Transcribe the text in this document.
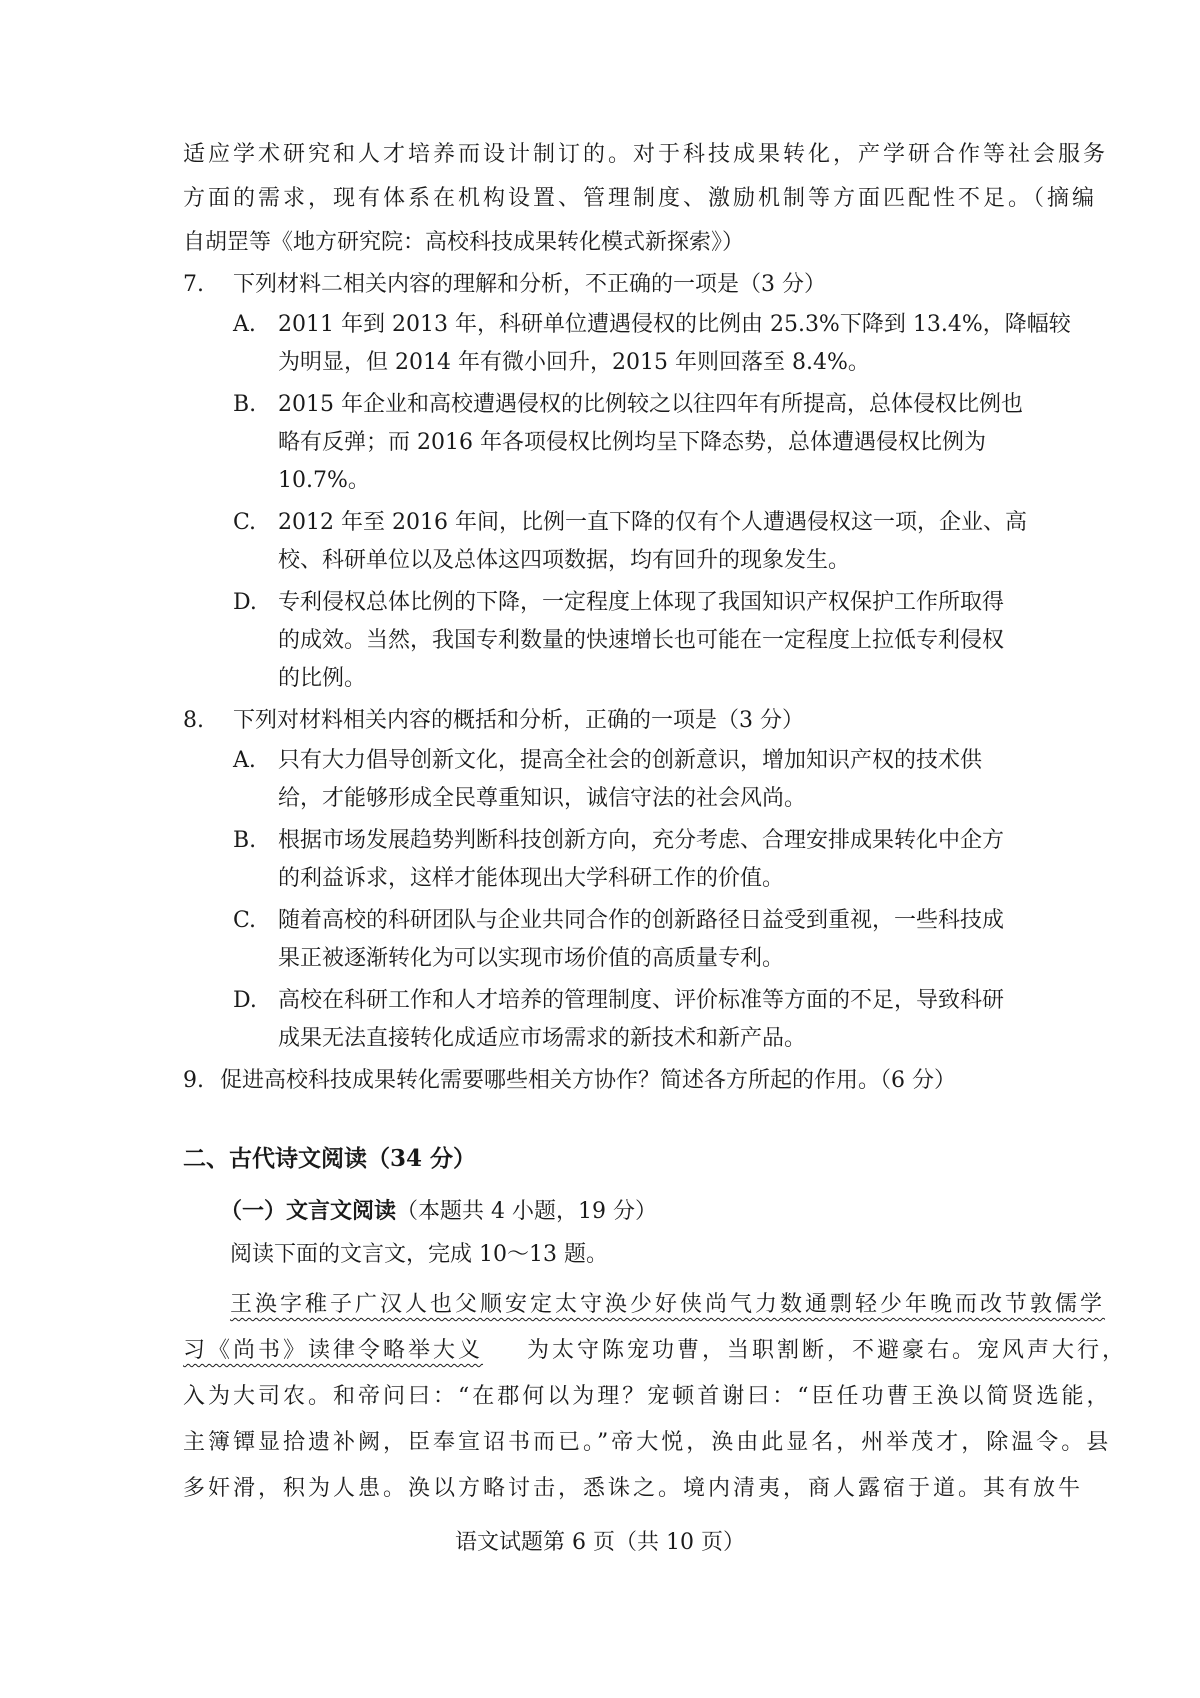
适应学术研究和人才培养而设计制订的。对于科技成果转化，产学研合作等社会服务
方面的需求，现有体系在机构设置、管理制度、激励机制等方面匹配性不足。（摘编
自胡罡等《地方研究院：高校科技成果转化模式新探索》）
7. 下列材料二相关内容的理解和分析，不正确的一项是（3 分）
A. 2011 年到 2013 年，科研单位遭遇侵权的比例由 25.3%下降到 13.4%，降幅较
为明显，但 2014 年有微小回升，2015 年则回落至 8.4%。
B. 2015 年企业和高校遭遇侵权的比例较之以往四年有所提高，总体侵权比例也
略有反弹；而 2016 年各项侵权比例均呈下降态势，总体遭遇侵权比例为
10.7%。
C. 2012 年至 2016 年间，比例一直下降的仅有个人遭遇侵权这一项，企业、高
校、科研单位以及总体这四项数据，均有回升的现象发生。
D. 专利侵权总体比例的下降，一定程度上体现了我国知识产权保护工作所取得
的成效。当然，我国专利数量的快速增长也可能在一定程度上拉低专利侵权
的比例。
8. 下列对材料相关内容的概括和分析，正确的一项是（3 分）
A. 只有大力倡导创新文化，提高全社会的创新意识，增加知识产权的技术供
给，才能够形成全民尊重知识，诚信守法的社会风尚。
B. 根据市场发展趋势判断科技创新方向，充分考虑、合理安排成果转化中企方
的利益诉求，这样才能体现出大学科研工作的价值。
C. 随着高校的科研团队与企业共同合作的创新路径日益受到重视，一些科技成
果正被逐渐转化为可以实现市场价值的高质量专利。
D. 高校在科研工作和人才培养的管理制度、评价标准等方面的不足，导致科研
成果无法直接转化成适应市场需求的新技术和新产品。
9. 促进高校科技成果转化需要哪些相关方协作？简述各方所起的作用。（6 分）
二、古代诗文阅读（34 分）
（一）文言文阅读（本题共 4 小题，19 分）
阅读下面的文言文，完成 10～13 题。
王涣字稚子广汉人也父顺安定太守涣少好侠尚气力数通剽轻少年晚而改节敦儒学
习《尚书》读律令略举大义 为太守陈宠功曹，当职割断，不避豪右。宠风声大行，
入为大司农。和帝问曰：“在郡何以为理？宠顿首谢曰：“臣任功曹王涣以简贤选能，
主簿镡显拾遗补阙，臣奉宣诏书而已。”帝大悦，涣由此显名，州举茂才，除温令。县
多奸滑，积为人患。涣以方略讨击，悉诛之。境内清夷，商人露宿于道。其有放牛
语文试题第 6 页（共 10 页）
